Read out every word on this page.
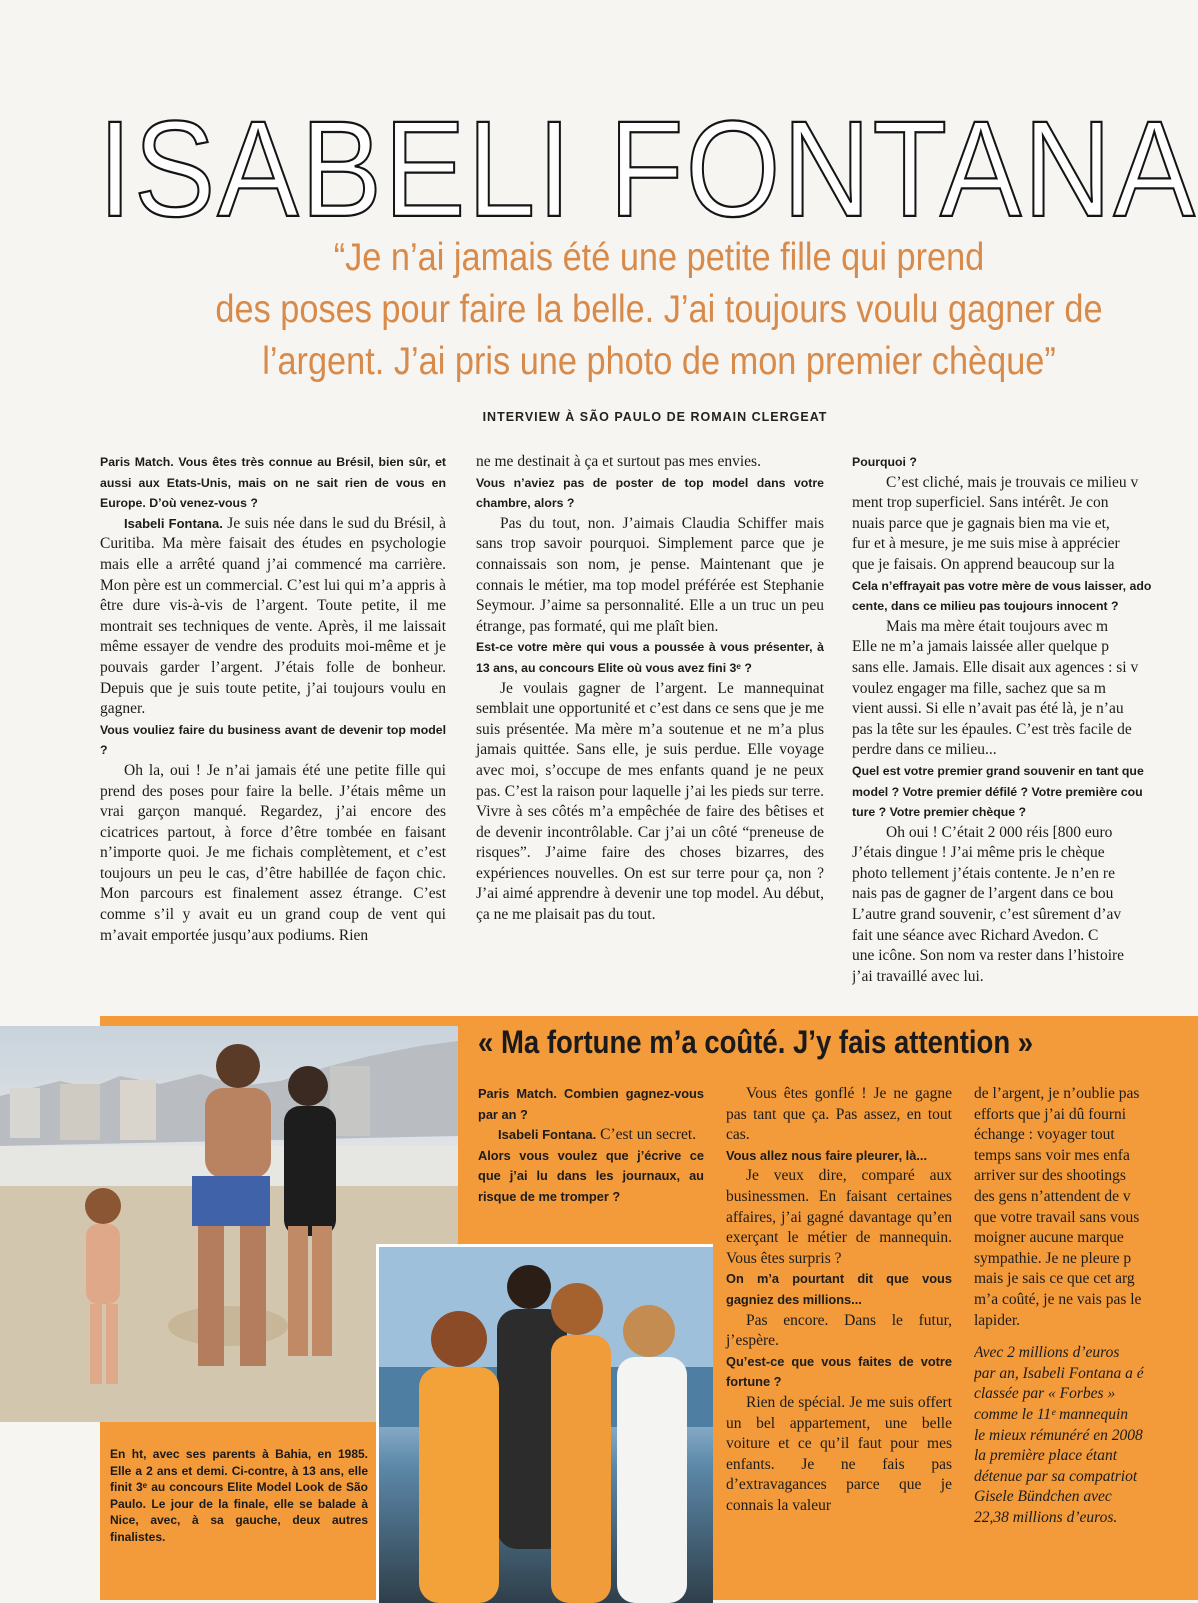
ISABELI FONTANA
“Je n’ai jamais été une petite fille qui prend
des poses pour faire la belle. J’ai toujours voulu gagner de
l’argent. J’ai pris une photo de mon premier chèque”
INTERVIEW À SÃO PAULO DE ROMAIN CLERGEAT

Paris Match. Vous êtes très connue au Brésil, bien sûr, et aussi aux Etats-Unis, mais on ne sait rien de vous en Europe. D’où venez-vous ?

Isabeli Fontana. Je suis née dans le sud du Brésil, à Curitiba. Ma mère faisait des études en psychologie mais elle a arrêté quand j’ai commencé ma carrière. Mon père est un commercial. C’est lui qui m’a appris à être dure vis-à-vis de l’argent. Toute petite, il me montrait ses techniques de vente. Après, il me laissait même essayer de vendre des produits moi-même et je pouvais garder l’argent. J’étais folle de bonheur. Depuis que je suis toute petite, j’ai toujours voulu en gagner.

Vous vouliez faire du business avant de devenir top model ?

Oh la, oui ! Je n’ai jamais été une petite fille qui prend des poses pour faire la belle. J’étais même un vrai garçon manqué. Regardez, j’ai encore des cicatrices partout, à force d’être tombée en faisant n’importe quoi. Je me fichais complètement, et c’est toujours un peu le cas, d’être habillée de façon chic. Mon parcours est finalement assez étrange. C’est comme s’il y avait eu un grand coup de vent qui m’avait emportée jusqu’aux podiums. Rien

ne me destinait à ça et surtout pas mes envies.

Vous n’aviez pas de poster de top model dans votre chambre, alors ?

Pas du tout, non. J’aimais Claudia Schiffer mais sans trop savoir pourquoi. Simplement parce que je connaissais son nom, je pense. Maintenant que je connais le métier, ma top model préférée est Stephanie Seymour. J’aime sa personnalité. Elle a un truc un peu étrange, pas formaté, qui me plaît bien.

Est-ce votre mère qui vous a poussée à vous présenter, à 13 ans, au concours Elite où vous avez fini 3ᵉ ?

Je voulais gagner de l’argent. Le mannequinat semblait une opportunité et c’est dans ce sens que je me suis présentée. Ma mère m’a soutenue et ne m’a plus jamais quittée. Sans elle, je suis perdue. Elle voyage avec moi, s’occupe de mes enfants quand je ne peux pas. C’est la raison pour laquelle j’ai les pieds sur terre. Vivre à ses côtés m’a empêchée de faire des bêtises et de devenir incontrôlable. Car j’ai un côté “preneuse de risques”. J’aime faire des choses bizarres, des expériences nouvelles. On est sur terre pour ça, non ? J’ai aimé apprendre à devenir une top model. Au début, ça ne me plaisait pas du tout.

Pourquoi ?

C’est cliché, mais je trouvais ce milieu v

ment trop superficiel. Sans intérêt. Je con

nuais parce que je gagnais bien ma vie et,

fur et à mesure, je me suis mise à apprécier

que je faisais. On apprend beaucoup sur la

Cela n’effrayait pas votre mère de vous laisser, ado

cente, dans ce milieu pas toujours innocent ?

Mais ma mère était toujours avec m

Elle ne m’a jamais laissée aller quelque p

sans elle. Jamais. Elle disait aux agences : si v

voulez engager ma fille, sachez que sa m

vient aussi. Si elle n’avait pas été là, je n’au

pas la tête sur les épaules. C’est très facile de

perdre dans ce milieu...

Quel est votre premier grand souvenir en tant que

model ? Votre premier défilé ? Votre première cou

ture ? Votre premier chèque ?

Oh oui ! C’était 2 000 réis [800 euro

J’étais dingue ! J’ai même pris le chèque

photo tellement j’étais contente. Je n’en re

nais pas de gagner de l’argent dans ce bou

L’autre grand souvenir, c’est sûrement d’av

fait une séance avec Richard Avedon. C

une icône. Son nom va rester dans l’histoire

j’ai travaillé avec lui.

« Ma fortune m’a coûté. J’y fais attention »

Paris Match. Combien gagnez-vous par an ?

Isabeli Fontana. C’est un secret.

Alors vous voulez que j’écrive ce que j’ai lu dans les journaux, au risque de me tromper ?

Vous êtes gonflé ! Je ne gagne pas tant que ça. Pas assez, en tout cas.

Vous allez nous faire pleurer, là...

Je veux dire, comparé aux businessmen. En faisant certaines affaires, j’ai gagné davantage qu’en exerçant le métier de mannequin. Vous êtes surpris ?

On m’a pourtant dit que vous gagniez des millions...

Pas encore. Dans le futur, j’espère.

Qu’est-ce que vous faites de votre fortune ?

Rien de spécial. Je me suis offert un bel appartement, une belle voiture et ce qu’il faut pour mes enfants. Je ne fais pas d’extravagances parce que je connais la valeur

de l’argent, je n’oublie pas

efforts que j’ai dû fourni

échange : voyager tout

temps sans voir mes enfa

arriver sur des shootings

des gens n’attendent de v

que votre travail sans vous

moigner aucune marque

sympathie. Je ne pleure p

mais je sais ce que cet arg

m’a coûté, je ne vais pas le

lapider.

Avec 2 millions d’euros

par an, Isabeli Fontana a é

classée par « Forbes »

comme le 11ᵉ mannequin

le mieux rémunéré en 2008

la première place étant

détenue par sa compatriot

Gisele Bündchen avec

22,38 millions d’euros.

En ht, avec ses parents à Bahia, en 1985. Elle a 2 ans et demi. Ci-contre, à 13 ans, elle finit 3ᵉ au concours Elite Model Look de São Paulo. Le jour de la finale, elle se balade à Nice, avec, à sa gauche, deux autres finalistes.
